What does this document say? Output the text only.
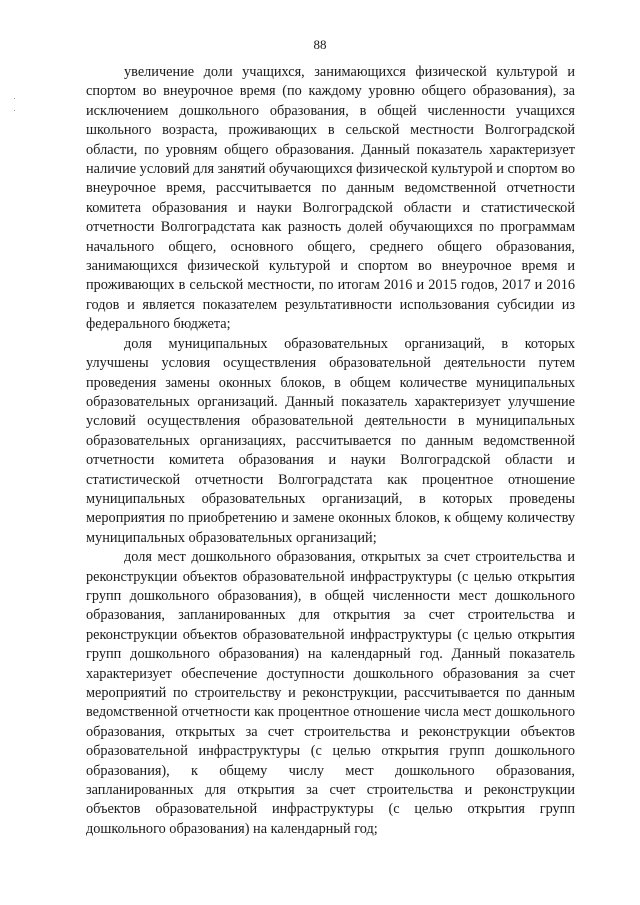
88

увеличение доли учащихся, занимающихся физической культурой и спортом во внеурочное время (по каждому уровню общего образования), за исключением дошкольного образования, в общей численности учащихся школьного возраста, проживающих в сельской местности Волгоградской области, по уровням общего образования. Данный показатель характеризует наличие условий для занятий обучающихся физической культурой и спортом во внеурочное время, рассчитывается по данным ведомственной отчетности комитета образования и науки Волгоградской области и статистической отчетности Волгоградстата как разность долей обучающихся по программам начального общего, основного общего, среднего общего образования, занимающихся физической культурой и спортом во внеурочное время и проживающих в сельской местности, по итогам 2016 и 2015 годов, 2017 и 2016 годов и является показателем результативности использования субсидии из федерального бюджета;

доля муниципальных образовательных организаций, в которых улучшены условия осуществления образовательной деятельности путем проведения замены оконных блоков, в общем количестве муниципальных образовательных организаций. Данный показатель характеризует улучшение условий осуществления образовательной деятельности в муниципальных образовательных организациях, рассчитывается по данным ведомственной отчетности комитета образования и науки Волгоградской области и статистической отчетности Волгоградстата как процентное отношение муниципальных образовательных организаций, в которых проведены мероприятия по приобретению и замене оконных блоков, к общему количеству муниципальных образовательных организаций;

доля мест дошкольного образования, открытых за счет строительства и реконструкции объектов образовательной инфраструктуры (с целью открытия групп дошкольного образования), в общей численности мест дошкольного образования, запланированных для открытия за счет строительства и реконструкции объектов образовательной инфраструктуры (с целью открытия групп дошкольного образования) на календарный год. Данный показатель характеризует обеспечение доступности дошкольного образования за счет мероприятий по строительству и реконструкции, рассчитывается по данным ведомственной отчетности как процентное отношение числа мест дошкольного образования, открытых за счет строительства и реконструкции объектов образовательной инфраструктуры (с целью открытия групп дошкольного образования), к общему числу мест дошкольного образования, запланированных для открытия за счет строительства и реконструкции объектов образовательной инфраструктуры (с целью открытия групп дошкольного образования) на календарный год;
